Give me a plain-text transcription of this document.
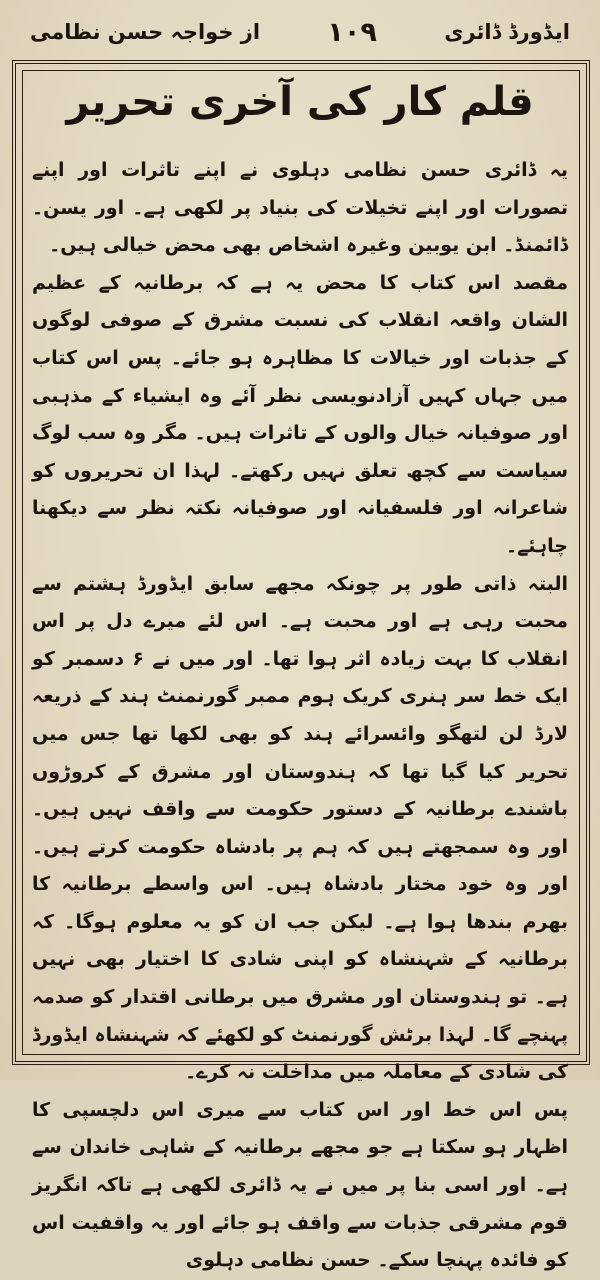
ایڈورڈ ڈائری
۱۰۹
از خواجہ حسن نظامی
قلم کار کی آخری تحریر

یہ ڈائری حسن نظامی دہلوی نے اپنے تاثرات اور اپنے تصورات اور اپنے تخیلات کی بنیاد پر لکھی ہے۔ اور یسن۔ ڈائمنڈ۔ ابن یوبین وغیرہ اشخاص بھی محض خیالی ہیں۔

مقصد اس کتاب کا محض یہ ہے کہ برطانیہ کے عظیم الشان واقعہ انقلاب کی نسبت مشرق کے صوفی لوگوں کے جذبات اور خیالات کا مظاہرہ ہو جائے۔ پس اس کتاب میں جہاں کہیں آزادنویسی نظر آئے وہ ایشیاء کے مذہبی اور صوفیانہ خیال والوں کے تاثرات ہیں۔ مگر وہ سب لوگ سیاست سے کچھ تعلق نہیں رکھتے۔ لہذا ان تحریروں کو شاعرانہ اور فلسفیانہ اور صوفیانہ نکتہ نظر سے دیکھنا چاہئے۔

البتہ ذاتی طور پر چونکہ مجھے سابق ایڈورڈ ہشتم سے محبت رہی ہے اور محبت ہے۔ اس لئے میرے دل پر اس انقلاب کا بہت زیادہ اثر ہوا تھا۔ اور میں نے ۶ دسمبر کو ایک خط سر ہنری کریک ہوم ممبر گورنمنٹ ہند کے ذریعہ لارڈ لن لتھگو وائسرائے ہند کو بھی لکھا تھا جس میں تحریر کیا گیا تھا کہ ہندوستان اور مشرق کے کروڑوں باشندے برطانیہ کے دستور حکومت سے واقف نہیں ہیں۔ اور وہ سمجھتے ہیں کہ ہم پر بادشاہ حکومت کرتے ہیں۔ اور وہ خود مختار بادشاہ ہیں۔ اس واسطے برطانیہ کا بھرم بندھا ہوا ہے۔ لیکن جب ان کو یہ معلوم ہوگا۔ کہ برطانیہ کے شہنشاہ کو اپنی شادی کا اختیار بھی نہیں ہے۔ تو ہندوستان اور مشرق میں برطانی اقتدار کو صدمہ پہنچے گا۔ لہذا برٹش گورنمنٹ کو لکھئے کہ شہنشاہ ایڈورڈ کی شادی کے معاملہ میں مداخلت نہ کرے۔

پس اس خط اور اس کتاب سے میری اس دلچسپی کا اظہار ہو سکتا ہے جو مجھے برطانیہ کے شاہی خاندان سے ہے۔ اور اسی بنا پر میں نے یہ ڈائری لکھی ہے تاکہ انگریز قوم مشرقی جذبات سے واقف ہو جائے اور یہ واقفیت اس کو فائدہ پہنچا سکے۔ حسن نظامی دہلوی
